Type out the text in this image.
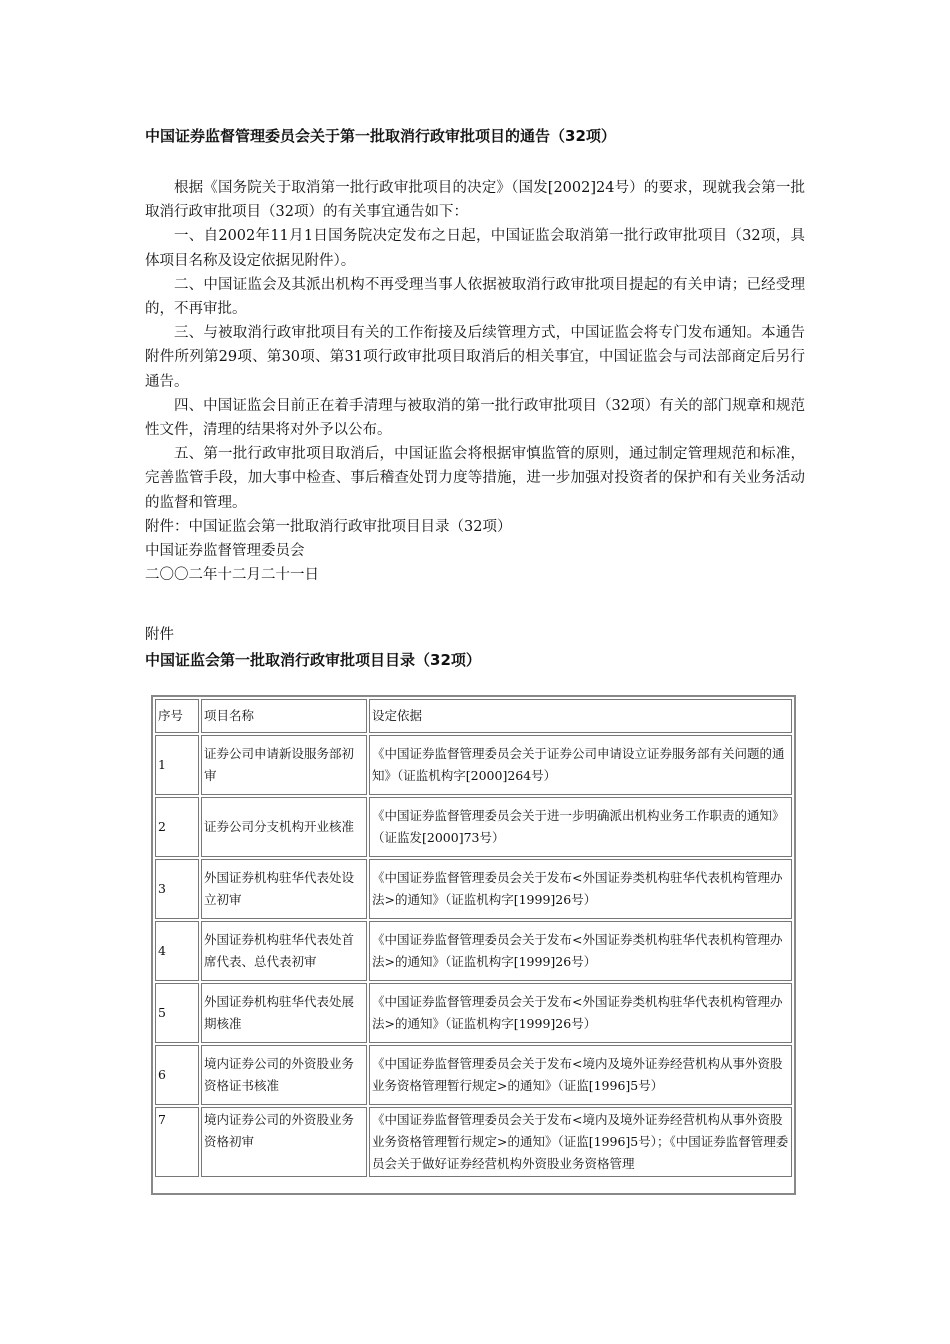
中国证券监督管理委员会关于第一批取消行政审批项目的通告（32项）

根据《国务院关于取消第一批行政审批项目的决定》（国发[2002]24号）的要求，现就我会第一批取消行政审批项目（32项）的有关事宜通告如下：

一、自2002年11月1日国务院决定发布之日起，中国证监会取消第一批行政审批项目（32项，具体项目名称及设定依据见附件）。

二、中国证监会及其派出机构不再受理当事人依据被取消行政审批项目提起的有关申请；已经受理的，不再审批。

三、与被取消行政审批项目有关的工作衔接及后续管理方式，中国证监会将专门发布通知。本通告附件所列第29项、第30项、第31项行政审批项目取消后的相关事宜，中国证监会与司法部商定后另行通告。

四、中国证监会目前正在着手清理与被取消的第一批行政审批项目（32项）有关的部门规章和规范性文件，清理的结果将对外予以公布。

五、第一批行政审批项目取消后，中国证监会将根据审慎监管的原则，通过制定管理规范和标准，完善监管手段，加大事中检查、事后稽查处罚力度等措施，进一步加强对投资者的保护和有关业务活动的监督和管理。

附件：中国证监会第一批取消行政审批项目目录（32项）
中国证券监督管理委员会
二〇〇二年十二月二十一日
附件
中国证监会第一批取消行政审批项目目录（32项）
序号	项目名称	设定依据
1	证券公司申请新设服务部初审	《中国证券监督管理委员会关于证券公司申请设立证券服务部有关问题的通知》（证监机构字[2000]264号）
2	证券公司分支机构开业核准	《中国证券监督管理委员会关于进一步明确派出机构业务工作职责的通知》（证监发[2000]73号）
3	外国证券机构驻华代表处设立初审	《中国证券监督管理委员会关于发布<外国证券类机构驻华代表机构管理办法>的通知》（证监机构字[1999]26号）
4	外国证券机构驻华代表处首席代表、总代表初审	《中国证券监督管理委员会关于发布<外国证券类机构驻华代表机构管理办法>的通知》（证监机构字[1999]26号）
5	外国证券机构驻华代表处展期核准	《中国证券监督管理委员会关于发布<外国证券类机构驻华代表机构管理办法>的通知》（证监机构字[1999]26号）
6	境内证券公司的外资股业务资格证书核准	《中国证券监督管理委员会关于发布<境内及境外证券经营机构从事外资股业务资格管理暂行规定>的通知》（证监[1996]5号）
7	境内证券公司的外资股业务资格初审	《中国证券监督管理委员会关于发布<境内及境外证券经营机构从事外资股业务资格管理暂行规定>的通知》（证监[1996]5号）；《中国证券监督管理委员会关于做好证券经营机构外资股业务资格管理
